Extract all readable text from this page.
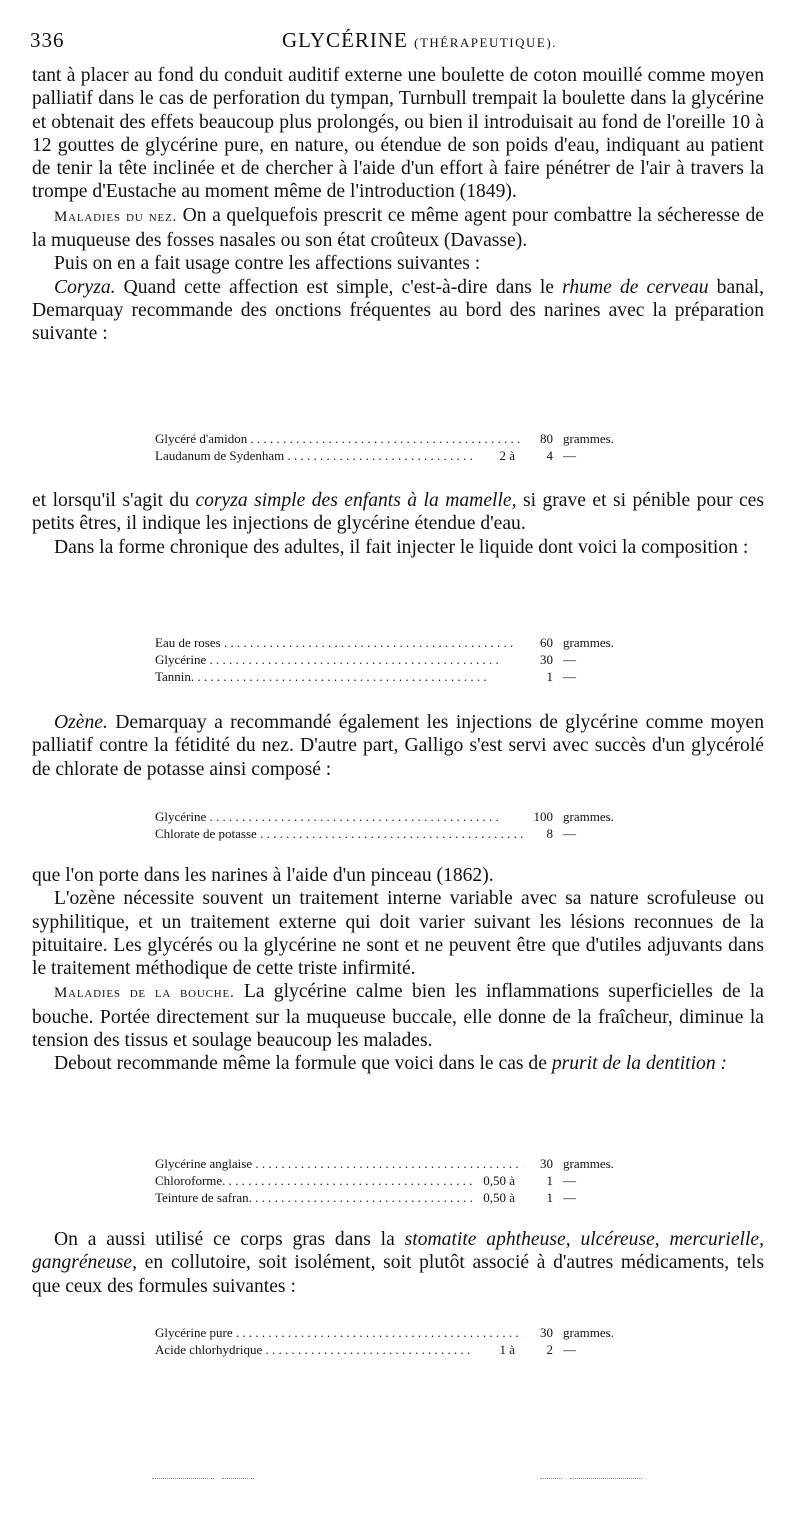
336	GLYCÉRINE (THÉRAPEUTIQUE).

tant à placer au fond du conduit auditif externe une boulette de coton mouillé comme moyen palliatif dans le cas de perforation du tympan, Turnbull trempait la boulette dans la glycérine et obtenait des effets beaucoup plus prolongés, ou bien il introduisait au fond de l'oreille 10 à 12 gouttes de glycérine pure, en nature, ou étendue de son poids d'eau, indiquant au patient de tenir la tête inclinée et de chercher à l'aide d'un effort à faire pénétrer de l'air à travers la trompe d'Eustache au moment même de l'introduction (1849).

Maladies du nez. On a quelquefois prescrit ce même agent pour combattre la sécheresse de la muqueuse des fosses nasales ou son état croûteux (Davasse).

Puis on en a fait usage contre les affections suivantes :

Coryza. Quand cette affection est simple, c'est-à-dire dans le rhume de cerveau banal, Demarquay recommande des onctions fréquentes au bord des narines avec la préparation suivante :

Glycéré d'amidon . . .	80 grammes.
Laudanum de Sydenham . . .	2 à	4 —

et lorsqu'il s'agit du coryza simple des enfants à la mamelle, si grave et si pénible pour ces petits êtres, il indique les injections de glycérine étendue d'eau.

Dans la forme chronique des adultes, il fait injecter le liquide dont voici la composition :

Eau de roses . . .	60 grammes.
Glycérine . . .	30 —
Tannin. . . .	1 —

Ozène. Demarquay a recommandé également les injections de glycérine comme moyen palliatif contre la fétidité du nez. D'autre part, Galligo s'est servi avec succès d'un glycérolé de chlorate de potasse ainsi composé :

Glycérine . . .	100 grammes.
Chlorate de potasse . . .	8 —

que l'on porte dans les narines à l'aide d'un pinceau (1862).

L'ozène nécessite souvent un traitement interne variable avec sa nature scrofuleuse ou syphilitique, et un traitement externe qui doit varier suivant les lésions reconnues de la pituitaire. Les glycérés ou la glycérine ne sont et ne peuvent être que d'utiles adjuvants dans le traitement méthodique de cette triste infirmité.

Maladies de la bouche. La glycérine calme bien les inflammations superficielles de la bouche. Portée directement sur la muqueuse buccale, elle donne de la fraîcheur, diminue la tension des tissus et soulage beaucoup les malades.

Debout recommande même la formule que voici dans le cas de prurit de la dentition :

Glycérine anglaise . . .	30 grammes.
Chloroforme. . . .	0,50 à	1 —
Teinture de safran. . . .	0,50 à	1 —

On a aussi utilisé ce corps gras dans la stomatite aphtheuse, ulcéreuse, mercurielle, gangréneuse, en collutoire, soit isolément, soit plutôt associé à d'autres médicaments, tels que ceux des formules suivantes :

Glycérine pure . . .	30 grammes.
Acide chlorhydrique . . .	1 à	2 —
